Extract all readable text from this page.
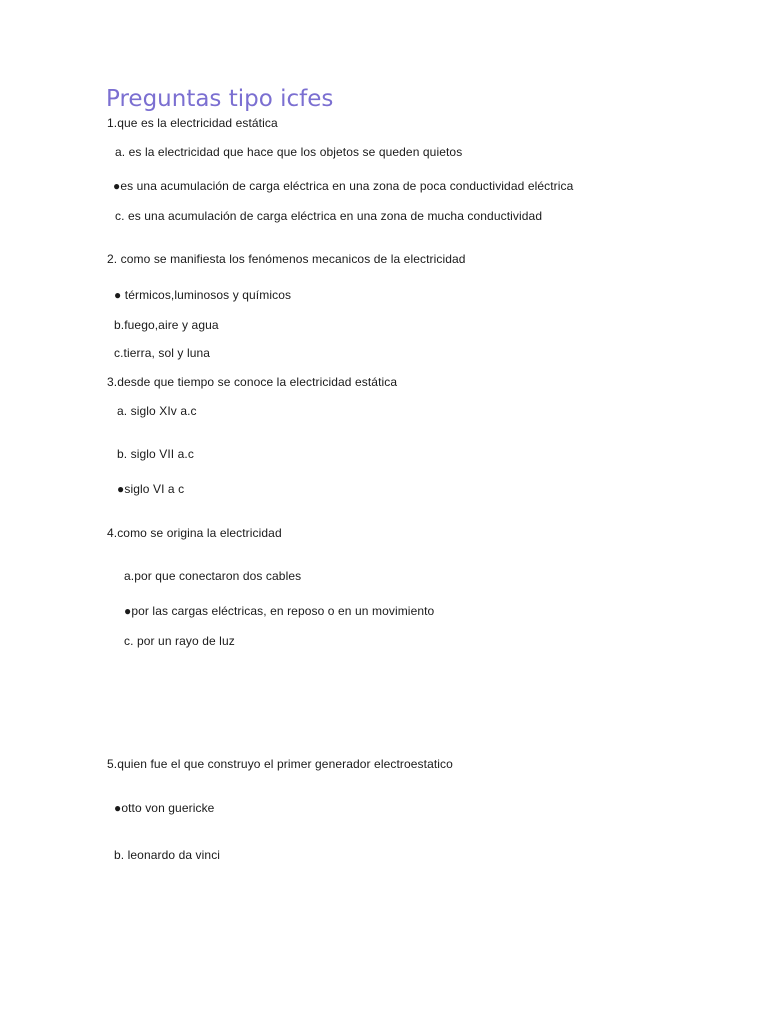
Preguntas tipo icfes
1.que es la electricidad estática
a. es la electricidad que hace que los objetos se queden quietos
●es una acumulación de carga eléctrica en una zona de poca conductividad eléctrica
c. es una acumulación de carga eléctrica en una zona de mucha conductividad
2. como se manifiesta los fenómenos mecanicos de la electricidad
● térmicos,luminosos y químicos
b.fuego,aire y agua
c.tierra, sol y luna
3.desde que tiempo se conoce la electricidad estática
a. siglo XIv a.c
b. siglo VII a.c
●siglo VI a c
4.como se origina la electricidad
a.por que conectaron dos cables
●por las cargas eléctricas, en reposo o en un movimiento
c. por un rayo de luz
5.quien fue el que construyo el primer generador electroestatico
●otto von guericke
b. leonardo da vinci
